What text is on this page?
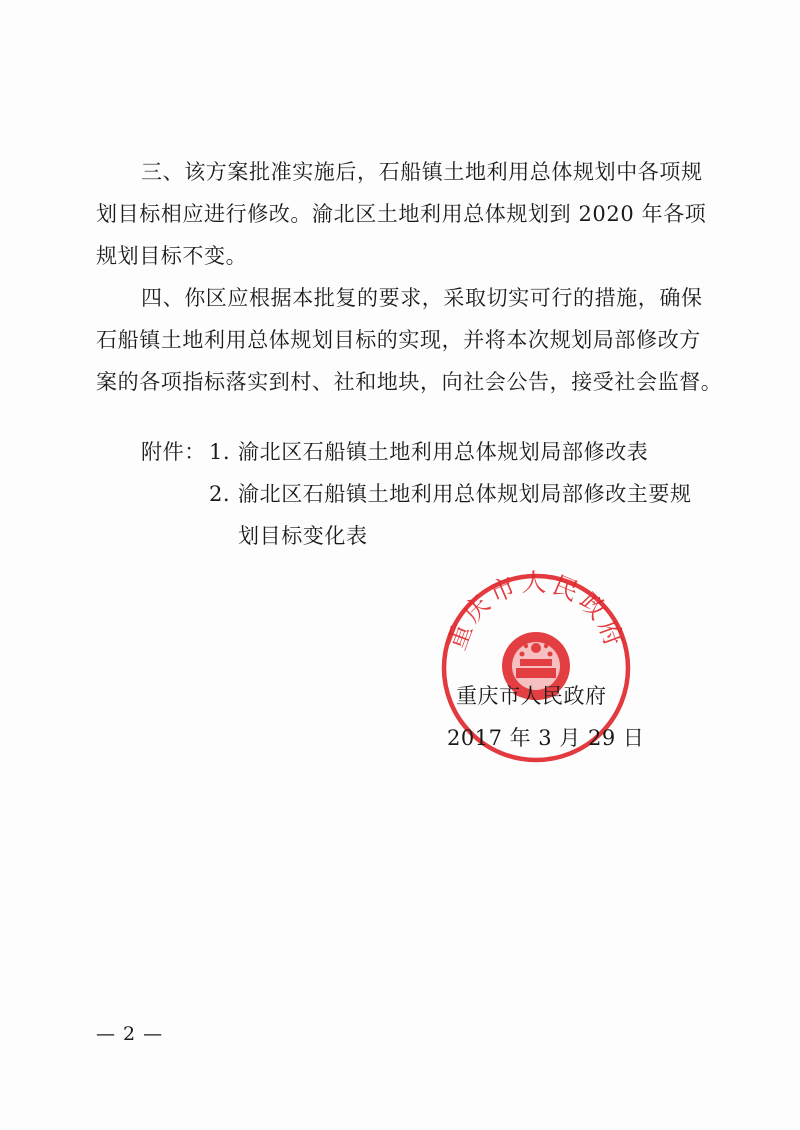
三、该方案批准实施后，石船镇土地利用总体规划中各项规
划目标相应进行修改。渝北区土地利用总体规划到 2020 年各项
规划目标不变。
四、你区应根据本批复的要求，采取切实可行的措施，确保
石船镇土地利用总体规划目标的实现，并将本次规划局部修改方
案的各项指标落实到村、社和地块，向社会公告，接受社会监督。
附件： 1．
渝北区石船镇土地利用总体规划局部修改表
2．
渝北区石船镇土地利用总体规划局部修改主要规
划目标变化表
重庆市人民政府
重庆市人民政府
2017 年 3 月 29 日
— 2 —
